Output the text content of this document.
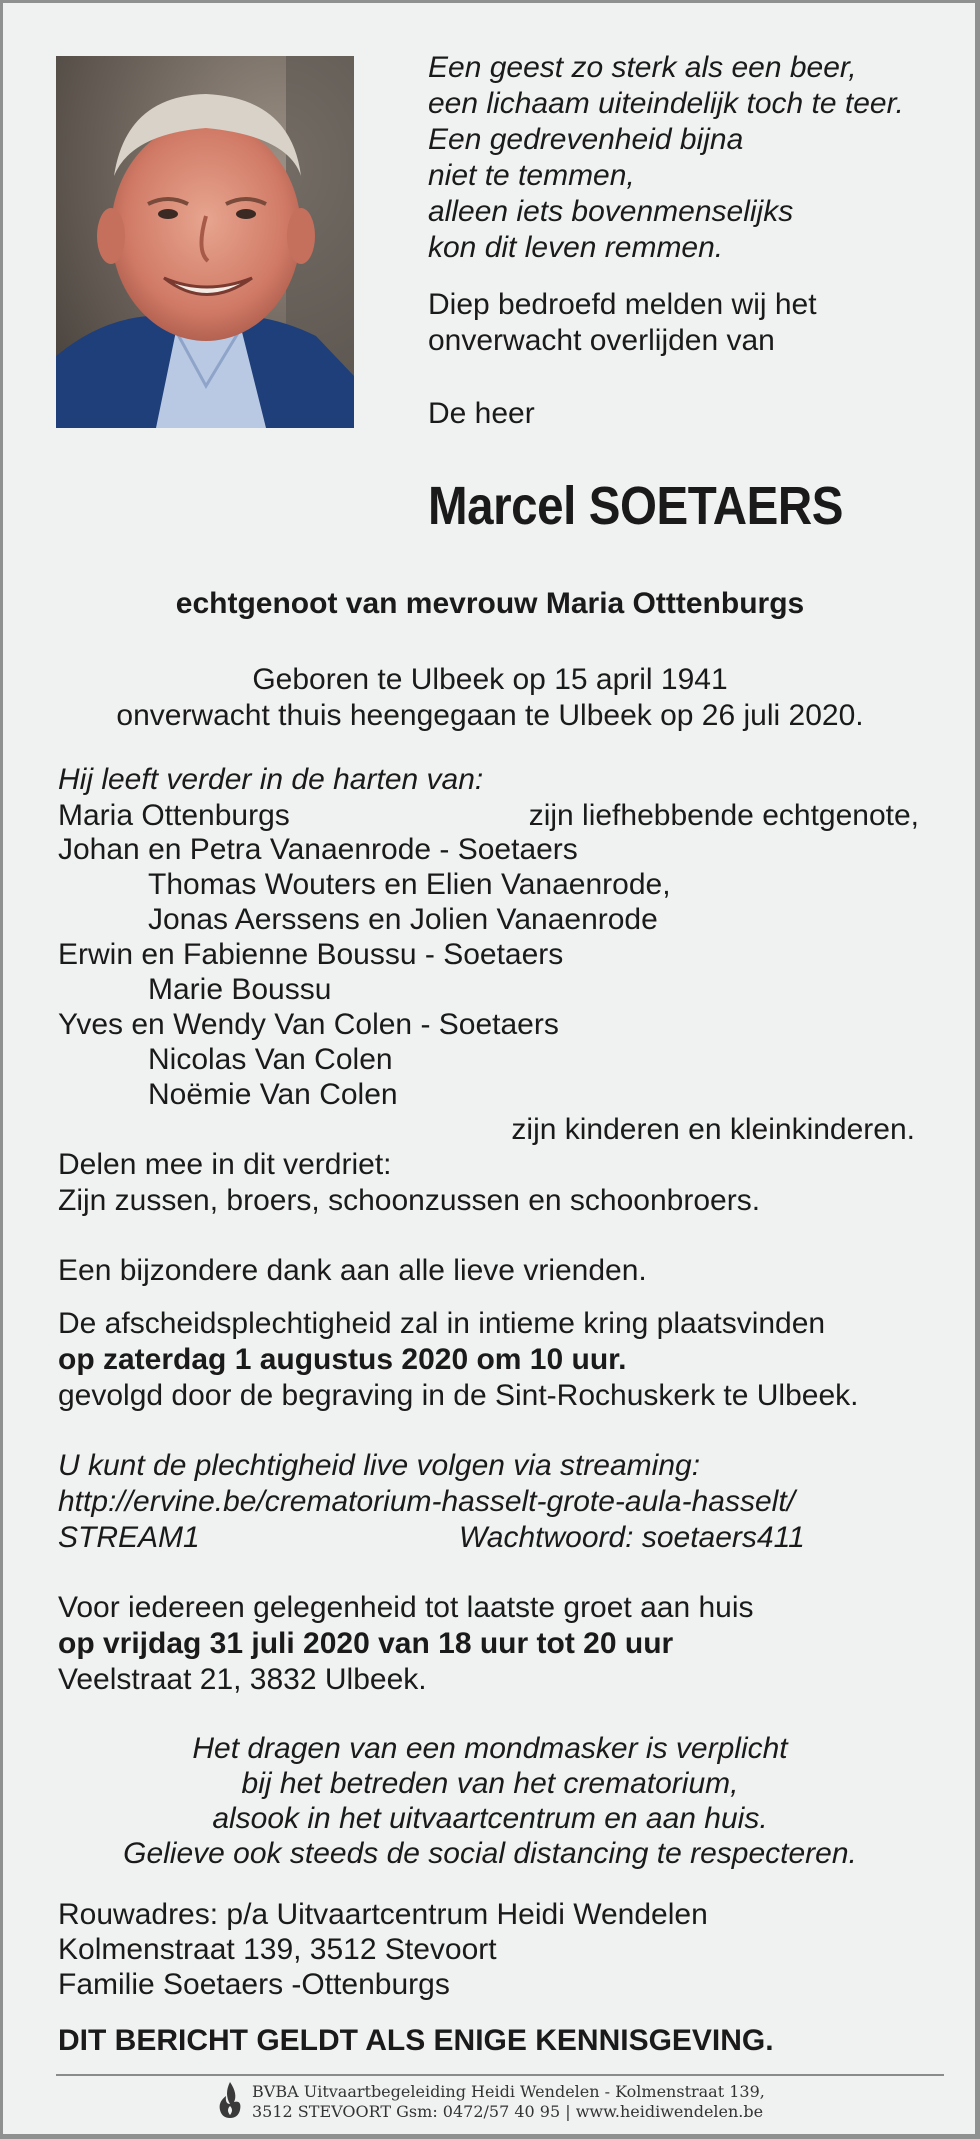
Een geest zo sterk als een beer,
een lichaam uiteindelijk toch te teer.
Een gedrevenheid bijna
niet te temmen,
alleen iets bovenmenselijks
kon dit leven remmen.
Diep bedroefd melden wij het
onverwacht overlijden van
De heer
Marcel SOETAERS
echtgenoot van mevrouw Maria Otttenburgs
Geboren te Ulbeek op 15 april 1941
onverwacht thuis heengegaan te Ulbeek op 26 juli 2020.
Hij leeft verder in de harten van:
Maria Ottenburgs	zijn liefhebbende echtgenote,
Johan en Petra Vanaenrode - Soetaers
Thomas Wouters en Elien Vanaenrode,
Jonas Aerssens en Jolien Vanaenrode
Erwin en Fabienne Boussu - Soetaers
Marie Boussu
Yves en Wendy Van Colen - Soetaers
Nicolas Van Colen
Noëmie Van Colen
zijn kinderen en kleinkinderen.
Delen mee in dit verdriet:
Zijn zussen, broers, schoonzussen en schoonbroers.
Een bijzondere dank aan alle lieve vrienden.
De afscheidsplechtigheid zal in intieme kring plaatsvinden
op zaterdag 1 augustus 2020 om 10 uur.
gevolgd door de begraving in de Sint-Rochuskerk te Ulbeek.
U kunt de plechtigheid live volgen via streaming:
http://ervine.be/crematorium-hasselt-grote-aula-hasselt/
STREAM1	Wachtwoord: soetaers411
Voor iedereen gelegenheid tot laatste groet aan huis
op vrijdag 31 juli 2020 van 18 uur tot 20 uur
Veelstraat 21, 3832 Ulbeek.
Het dragen van een mondmasker is verplicht
bij het betreden van het crematorium,
alsook in het uitvaartcentrum en aan huis.
Gelieve ook steeds de social distancing te respecteren.
Rouwadres: p/a Uitvaartcentrum Heidi Wendelen
Kolmenstraat 139, 3512 Stevoort
Familie Soetaers -Ottenburgs
DIT BERICHT GELDT ALS ENIGE KENNISGEVING.
BVBA Uitvaartbegeleiding Heidi Wendelen - Kolmenstraat 139,
3512 STEVOORT Gsm: 0472/57 40 95 | www.heidiwendelen.be
